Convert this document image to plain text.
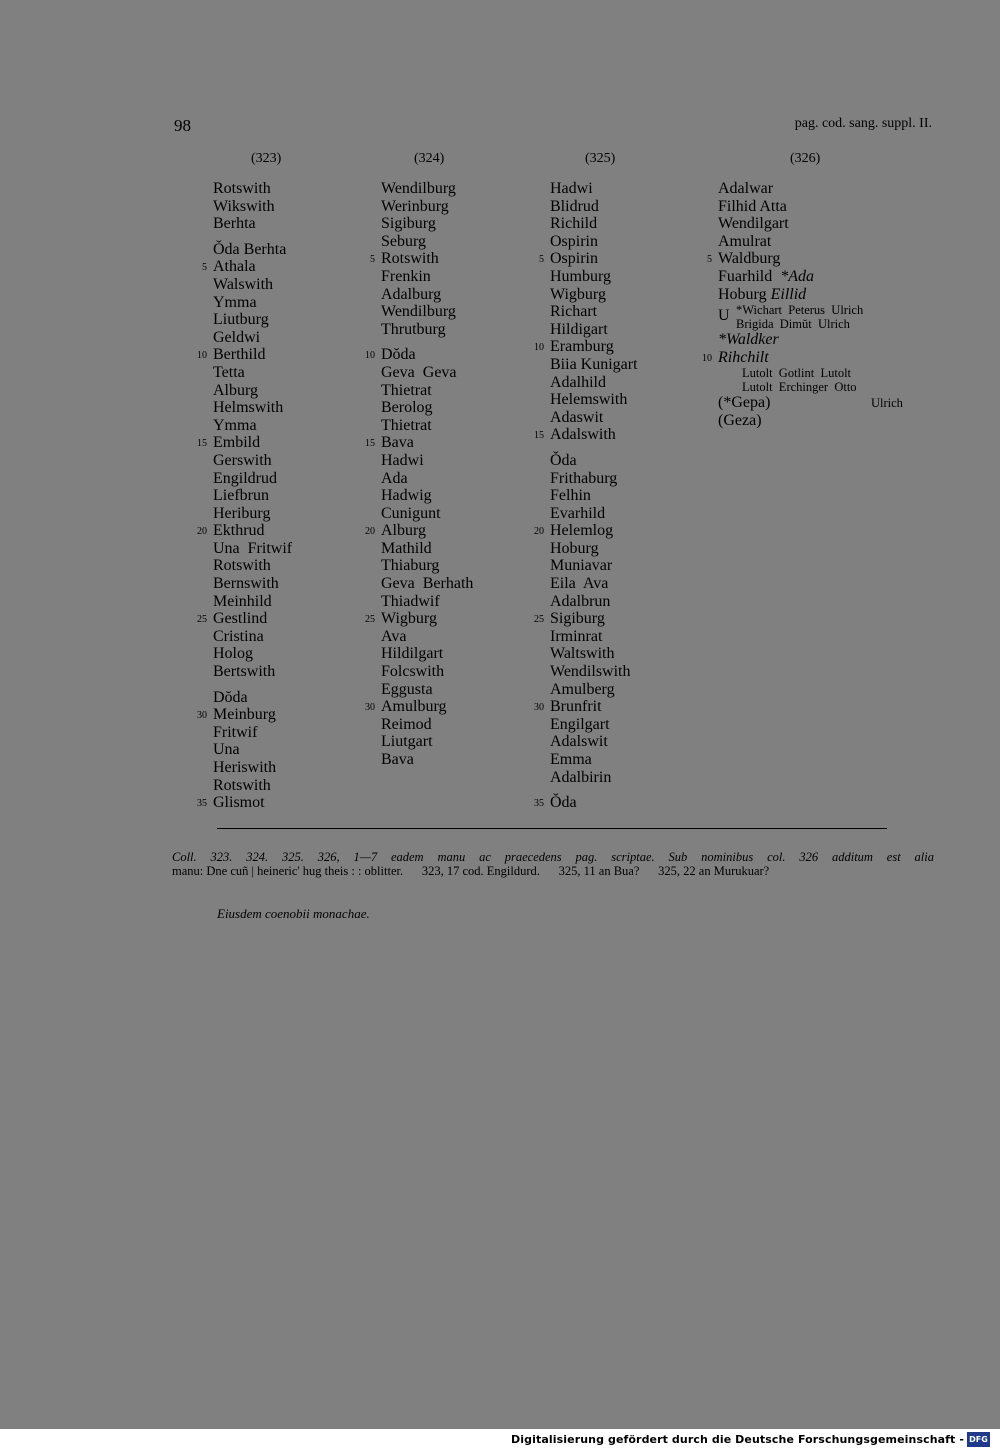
98	pag. cod. sang. suppl. II.
(323)
Rotswith
Wikswith
Berhta
Ǒda Berhta
5 Athala
Walswith
Ymma
Liutburg
Geldwi
10 Berthild
Tetta
Alburg
Helmswith
Ymma
15 Embild
Gerswith
Engildrud
Liefbrun
Heriburg
20 Ekthrud
Una  Fritwif
Rotswith
Bernswith
Meinhild
25 Gestlind
Cristina
Holog
Bertswith
Dŏda
30 Meinburg
Fritwif
Una
Heriswith
Rotswith
35 Glismot
(324)
Wendilburg
Werinburg
Sigiburg
Seburg
5 Rotswith
Frenkin
Adalburg
Wendilburg
Thrutburg
10 Dŏda
Geva  Geva
Thietrat
Berolog
Thietrat
15 Bava
Hadwi
Ada
Hadwig
Cunigunt
20 Alburg
Mathild
Thiaburg
Geva  Berhath
Thiadwif
25 Wigburg
Ava
Hildilgart
Folcswith
Eggusta
30 Amulburg
Reimod
Liutgart
Bava
(325)
Hadwi
Blidrud
Richild
Ospirin
5 Ospirin
Humburg
Wigburg
Richart
Hildigart
10 Eramburg
Biia Kunigart
Adalhild
Helemswith
Adaswit
15 Adalswith
Ǒda
Frithaburg
Felhin
Evarhild
20 Helemlog
Hoburg
Muniavar
Eila  Ava
Adalbrun
25 Sigiburg
Irminrat
Waltswith
Wendilswith
Amulberg
30 Brunfrit
Engilgart
Adalswit
Emma
Adalbirin
35 Ǒda
(326)
Adalwar
Filhid Atta
Wendilgart
Amulrat
5 Waldburg
Fuarhild *Ada
Hoburg Eillid
U *Wichart  Peterus  Ulrich
Brigida  Dimŭt  Ulrich
*Waldker
10 Rihchilt
Lutolt  Gotlint  Lutolt
Lutolt  Erchinger  Otto
(*Gepa)	Ulrich
(Geza)

Coll. 323. 324. 325. 326, 1—7 eadem manu ac praecedens pag. scriptae. Sub nominibus col. 326 additum est alia

manu: Dne cuñ | heineric' hug theis : : oblitter.      323, 17 cod. Engildurd.      325, 11 an Bua?      325, 22 an Murukuar?

Eiusdem coenobii monachae.
Digitalisierung gefördert durch die Deutsche Forschungsgemeinschaft - DFG
